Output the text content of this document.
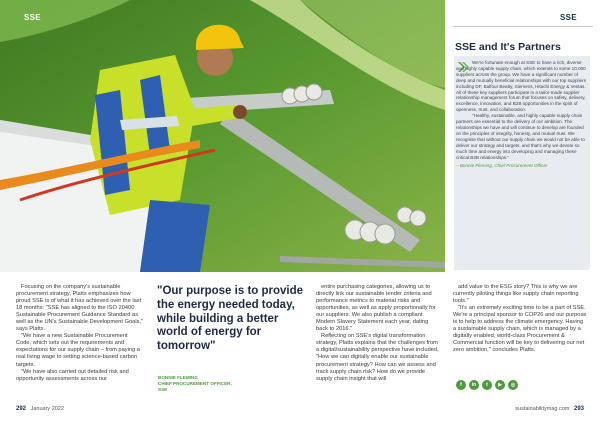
SSE	SSE
SSE and It's Partners

We're fortunate enough at SSE to have a rich, diverse and highly capable supply chain, which extends to some 10,000 suppliers across the group. We have a significant number of deep and mutually beneficial relationships with our top suppliers including DF, Balfour Beatty, Siemens, Hitachi Energy & Vestas. All of these key suppliers participate in a tailor-made supplier relationship management forum that focuses on safety, delivery, excellence, innovation, and B2B opportunities in the spirit of openness, trust, and collaboration.

"Healthy, sustainable, and highly capable supply chain partners are essential to the delivery of our ambition. The relationships we have and will continue to develop are founded on the principles of integrity, honesty, and mutual trust. We recognise that without our supply chain we would not be able to deliver our strategy and targets, and that's why we devote so much time and energy into developing and managing these critical B2B relationships."

– Bonnie Fleming, Chief Procurement Officer

Focusing on the company's sustainable procurement strategy, Platts emphasizes how proud SSE is of what it has achieved over the last 18 months: "SSE has aligned to the ISO 20400 Sustainable Procurement Guidance Standard as well as the UN's Sustainable Development Goals," says Platts.

"We have a new Sustainable Procurement Code, which sets out the requirements and expectations for our supply chain – from paying a real living wage to setting science-based carbon targets.

"We have also carried out detailed risk and opportunity assessments across our

"Our purpose is to provide the energy needed today, while building a better world of energy for tomorrow"
BONNIE FLEMING
CHIEF PROCUREMENT OFFICER,
SSE

entire purchasing categories, allowing us to directly link our sustainable tender criteria and performance metrics to material risks and opportunities, as well as apply proportionally for our suppliers. We also publish a compliant Modern Slavery Statement each year, dating back to 2016."

Reflecting on SSE's digital transformation strategy, Platts explains that the challenges from a digital/sustainability perspective have included, "How we can digitally enable our sustainable procurement strategy? How can we assess and track supply chain risk? How do we provide supply chain insight that will

add value to the ESG story? This is why we are currently piloting things like supply chain reporting tools."

"It's an extremely exciting time to be a part of SSE. We're a principal sponsor to COP26 and our purpose is to help to address the climate emergency. Having a sustainable supply chain, which is managed by a digitally enabled, world-class Procurement & Commercial function will be key to delivering our net zero ambition," concludes Platts.

f	in	t	▶	◎
292 January 2022	sustainabilitymag.com 293
